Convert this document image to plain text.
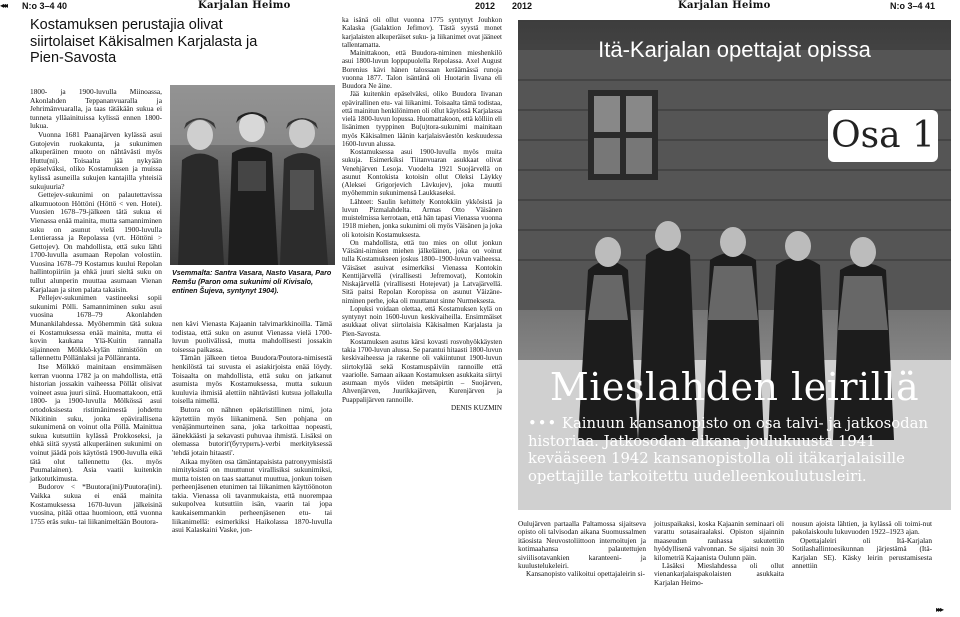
◂◂◂ N:o 3–4 40	Karjalan Heimo	2012
Kostamuksen perustajia olivat siirtolaiset Käkisalmen Karjalasta ja Pien-Savosta

1800- ja 1900-luvulla Miinoassa, Akonlahden Teppananvuaralla ja Jehrimänvuaralla, ja taas tätäkään sukua ei tunneta ylläainituissa kylissä ennen 1800-lukua.

Vuonna 1681 Paanajärven kylässä asui Gutojevin ruokakunta, ja sukunimen alkuperäinen muoto on nähtävästi myös Huttu(ni). Toisaalta jää nykyään epäselväksi, oliko Kostamuksen ja muissa kylissä asuneilla sukujen kantajilla yhteisiä sukujuuria?

Gettejev-sukunimi on palautettavissa alkumuotoon Höttöni (Höttö < ven. Hotei). Vuosien 1678–79-jälkeen tätä sukua ei Vienassa enää mainita, mutta samanniminen suku on asunut vielä 1900-luvulla Lentierassa ja Repolassa (vrt. Höttöni > Gettojev). On mahdollista, että suku lähti 1700-luvulla asumaan Repolan volostiin. Vuosina 1678–79 Kostamus kuului Repolan hallintopiiriin ja ehkä juuri sieltä suku on tullut alunperin muuttaa asumaan Vienan Karjalaan ja siten palata takaisin.

Pellejev-sukunimen vastineeksi sopii sukunimi Pölli. Samanniminen suku asui vuosina 1678–79 Akonlahden Munankilahdessa. Myöhemmin tätä sukua ei Kostamuksessa enää mainita, mutta ei kovin kaukana Ylä-Kuitin rannalla sijainneen Mölkkö-kylän nimistöön on tallennettu Pöllänlaksi ja Pöllänranta.

Itse Mölkkö mainitaan ensimmäisen kerran vuonna 1782 ja on mahdollista, että historian jossakin vaiheessa Pöllät olisivat voineet asua juuri siinä. Huomattakoon, että 1800- ja 1900-luvulla Mölkössä asui ortodoksisesta ristimänimestä johdettu Nikitinin suku, jonka epävirallisena sukunimenä on voinut olla Pöllä. Mainittua sukua kutsuttiin kylässä Prokkoseksi, ja ehkä siitä syystä alkuperäinen sukunimi on voinut jäädä pois käytöstä 1900-luvulla eikä tätä olut tallennettu (ks. myös Puumalainen). Asia vaatii kuitenkin jatkotutkimusta.

Budorov < *Buutora(ini)/Puutora(ini). Vaikka sukua ei enää mainita Kostamuksessa 1670-luvun jälkeisinä vuosina, pitää ottaa huomioon, että vuonna 1755 eräs suku- tai liikanimeltään Boutora-

Vsemmalta: Santra Vasara, Nasto Vasara, Paro Remšu (Paron oma sukunimi oli Kivisalo, entinen Šujeva, syntynyt 1904).

nen kävi Vienasta Kajaanin talvimarkkinoilla. Tämä todistaa, että suku on asunut Vienassa vielä 1700-luvun puolivälissä, mutta mahdollisesti jossakin toisessa paikassa.

Tämän jälkeen tietoa Buudora/Poutora-nimisestä henkilöstä tai suvusta ei asiakirjoista enää löydy. Toisaalta on mahdollista, että suku on jatkanut asumista myös Kostamuksessa, mutta sukuun kuuluvia ihmisiä alettiin nähtävästi kutsua jollakulla toisella nimellä.

Butora on nähnen epäkristillinen nimi, jota käytettiin myös liikanimenä. Sen pohjana on venäjänmurteinen sana, joka tarkoittaa nopeasti, äänekkäästi ja sekavasti puhuvaa ihmistä. Lisäksi on olemassa butorit'(бутурить)-verbi merkityksessä 'tehdä jotain hitaasti'.

Aikaa myöten osa tämäntapaisista patronyymisistä nimityksistä on muuttunut virallisiksi sukunimiksi, mutta toisten on taas saattanut muuttua, jonkun toisen perheenjäsenen etunimen tai liikanimen käyttöönoton takia. Vienassa oli tavanmukaista, että nuorempaa sukupolvea kutsuttiin isän, vaarin tai jopa kaukaisemmankin perheenjäsenen etu- tai liikanimellä: esimerkiksi Haikolassa 1870-luvulla asui Kalaskaini Vaske, jon-

ka isänä oli ollut vuonna 1775 syntynyt Jouhkon Kalaska (Galaktion Jefimov). Tästä syystä monet karjalaisten alkuperäiset suku- ja liikanimet ovat jääneet tallentamatta.

Mainittakoon, että Buudora-niminen mieshenkilö asui 1800-luvun loppupuolella Repolassa. Axel August Borenius kävi hänen talossaan keräämässä runoja vuonna 1877. Talon isäntänä oli Huotarin Iivana eli Buudora Ne äine.

Jää kuitenkin epäselväksi, oliko Buudora Iivanan epävirallinen etu- vai liikanimi. Toisaalta tämä todistaa, että mainitun henkilönimen oli ollut käytössä Karjalassa vielä 1800-luvun lopussa. Huomattakoon, että kölliin eli lisänimen tyyppinen Bu(u)tora-sukunimi mainitaan myös Käkisalmen läänin karjalaisväestön keskuudessa 1600-luvun alussa.

Kostamuksessa asui 1900-luvulla myös muita sukuja. Esimerkiksi Tiitanvuaran asukkaat olivat Venehjärven Lesoja. Vuodelta 1921 Suojärvellä on asunut Kontokista kotoisin ollut Oleksi Läykky (Aleksei Grigorjevich Lävkujev), joka muutti myöhemmin sukunimensä Laukkaseksi.

Lähteet: Saulin kehittely Kontokkiin ykkösistä ja luvun Pizmalahdelta. Armas Otto Väisänen muistelmissa kerrotaan, että hän tapasi Vienassa vuonna 1918 miehen, jonka sukunimi oli myös Väisänen ja joka oli kotoisin Kostamuksesta.

On mahdollista, että tuo mies on ollut jonkun Väisäni-nimisen miehen jälkeläinen, joka on voinut tulla Kostamukseen joskus 1800–1900-luvun vaiheessa. Väisäset asuivat esimerkiksi Vienassa Kontokin Kenttijärvellä (virallisesti Jefremovat), Kontokin Niskajärvellä (virallisesti Hotejevat) ja Latvajärvellä. Sitä paitsi Repolan Koropissa on asunut Väizäne-niminen perhe, joka oli muuttanut sinne Nurmeksesta.

Lopuksi voidaan olettaa, että Kostamuksen kylä on syntynyt noin 1600-luvun keskivaiheilla. Ensimmäiset asukkaat olivat siirtolaisia Käkisalmen Karjalasta ja Pien-Savosta.

Kostamuksen asutus kärsi kovasti rosvohyökkäysten takia 1700-luvun alussa. Se parantui hitaasti 1800-luvun keskivaiheessa ja rakenne oli vakiintunut 1900-luvun siirtokylää sekä Kostamuspäiviin rannoille että vaariolle. Samaan aikaan Kostamuksen asukkaita siirtyi asumaan myös viiden metsäpirtin – Suojärven, Ahvenjärven, Juurikkajärven, Kurenjärven ja Puappalijärven rannoille.

DENIS KUZMIN

2012	Karjalan Heimo	N:o 3–4 41
Itä-Karjalan opettajat opissa
Osa 1
Mieslahden leirillä
••• Kainuun kansanopisto on osa talvi- ja jatkosodan historiaa. Jatkosodan aikana joulukuusta 1941 kevääseen 1942 kansanopistolla oli itäkarjalaisille opettajille tarkoitettu uudelleenkoulutusleiri.

Oulujärven partaalla Paltamossa sijaitseva opisto oli talvisodan aikana Suomussalmen itäosista Neuvostoliittoon internoitujen ja kotimaahansa palautettujen siviilisotavankien karanteeni- ja kuulustelukeleiri.

Kansanopisto valikoitui opettajaleirin si-

joituspaikaksi, koska Kajaanin seminaari oli varattu sotasairaalaksi. Opiston sijainnin maaseudun rauhassa sukutettiin hyödyllisenä valvonnan. Se sijaitsi noin 30 kilometriä Kajaanista Oulunn päin.

Läsäksi Mieslahdessa oli ollut vienankarjalaispakolaisten asukkaita Karjalan Heimo-

nousun ajoista lähtien, ja kylässä oli toimi-nut pakolaiskoulu lukuvuoden 1922–1923 ajan.

Opettajaleiri oli Itä-Karjalan Sotilashallintoesikunnan järjestämä (Itä-Karjalan SE). Käsky leirin perustamisesta annettiin

▸▸▸
